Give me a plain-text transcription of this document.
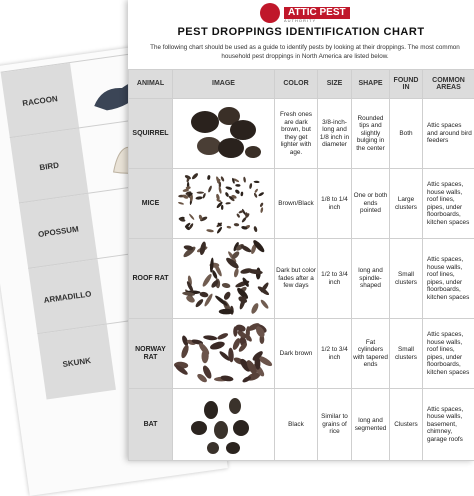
RACOON
BIRD
OPOSSUM
ARMADILLO
SKUNK
ATTIC PEST
AUTHORITY
PEST DROPPINGS IDENTIFICATION CHART
The following chart should be used as a guide to identify pests by looking at their droppings. The most common household pest droppings in North America are listed below.
ANIMAL	IMAGE	COLOR	SIZE	SHAPE	FOUND IN	COMMON AREAS
SQUIRREL		Fresh ones are dark brown, but they get lighter with age.	3/8-inch-long and 1/8 inch in diameter	Rounded tips and slightly bulging in the center	Both	Attic spaces and around bird feeders
MICE		Brown/Black	1/8 to 1/4 inch	One or both ends pointed	Large clusters	Attic spaces, house walls, roof lines, pipes, under floorboards, kitchen spaces
ROOF RAT		Dark but color fades after a few days	1/2 to 3/4 inch	long and spindle-shaped	Small clusters	Attic spaces, house walls, roof lines, pipes, under floorboards, kitchen spaces
NORWAY RAT		Dark brown	1/2 to 3/4 inch	Fat cylinders with tapered ends	Small clusters	Attic spaces, house walls, roof lines, pipes, under floorboards, kitchen spaces
BAT		Black	Similar to grains of rice	long and segmented	Clusters	Attic spaces, house walls, basement, chimney, garage roofs
